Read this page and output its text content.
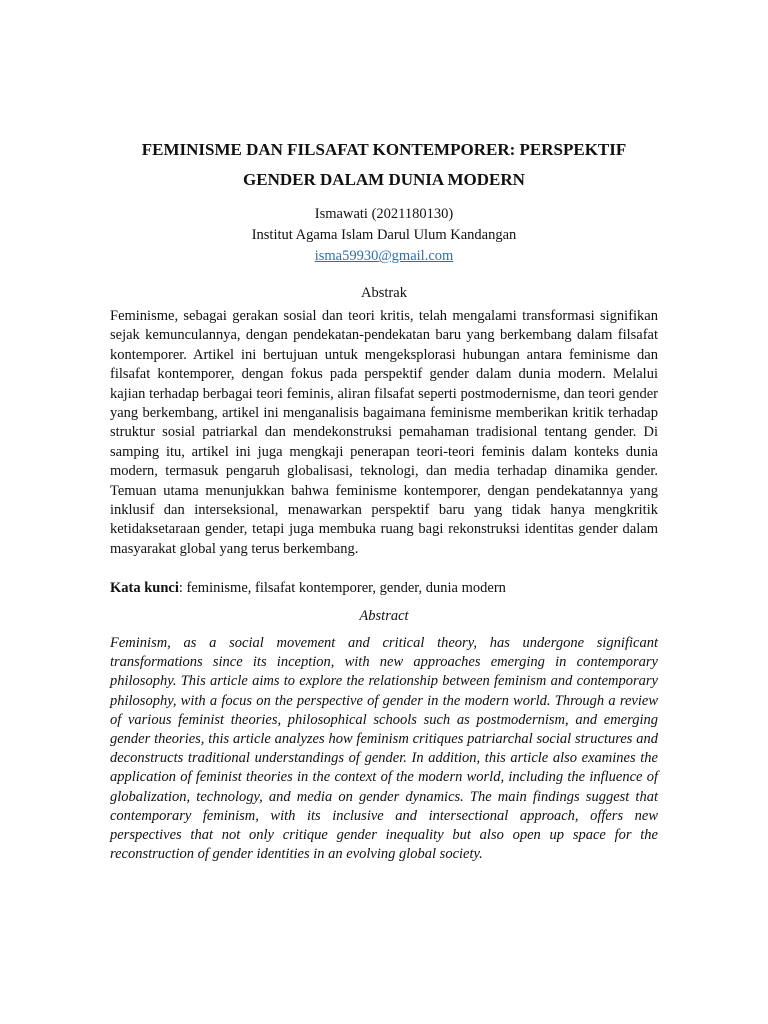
FEMINISME DAN FILSAFAT KONTEMPORER: PERSPEKTIF
GENDER DALAM DUNIA MODERN
Ismawati (2021180130)
Institut Agama Islam Darul Ulum Kandangan
isma59930@gmail.com
Abstrak

Feminisme, sebagai gerakan sosial dan teori kritis, telah mengalami transformasi signifikan sejak kemunculannya, dengan pendekatan-pendekatan baru yang berkembang dalam filsafat kontemporer. Artikel ini bertujuan untuk mengeksplorasi hubungan antara feminisme dan filsafat kontemporer, dengan fokus pada perspektif gender dalam dunia modern. Melalui kajian terhadap berbagai teori feminis, aliran filsafat seperti postmodernisme, dan teori gender yang berkembang, artikel ini menganalisis bagaimana feminisme memberikan kritik terhadap struktur sosial patriarkal dan mendekonstruksi pemahaman tradisional tentang gender. Di samping itu, artikel ini juga mengkaji penerapan teori-teori feminis dalam konteks dunia modern, termasuk pengaruh globalisasi, teknologi, dan media terhadap dinamika gender. Temuan utama menunjukkan bahwa feminisme kontemporer, dengan pendekatannya yang inklusif dan interseksional, menawarkan perspektif baru yang tidak hanya mengkritik ketidaksetaraan gender, tetapi juga membuka ruang bagi rekonstruksi identitas gender dalam masyarakat global yang terus berkembang.

Kata kunci: feminisme, filsafat kontemporer, gender, dunia modern
Abstract

Feminism, as a social movement and critical theory, has undergone significant transformations since its inception, with new approaches emerging in contemporary philosophy. This article aims to explore the relationship between feminism and contemporary philosophy, with a focus on the perspective of gender in the modern world. Through a review of various feminist theories, philosophical schools such as postmodernism, and emerging gender theories, this article analyzes how feminism critiques patriarchal social structures and deconstructs traditional understandings of gender. In addition, this article also examines the application of feminist theories in the context of the modern world, including the influence of globalization, technology, and media on gender dynamics. The main findings suggest that contemporary feminism, with its inclusive and intersectional approach, offers new perspectives that not only critique gender inequality but also open up space for the reconstruction of gender identities in an evolving global society.
